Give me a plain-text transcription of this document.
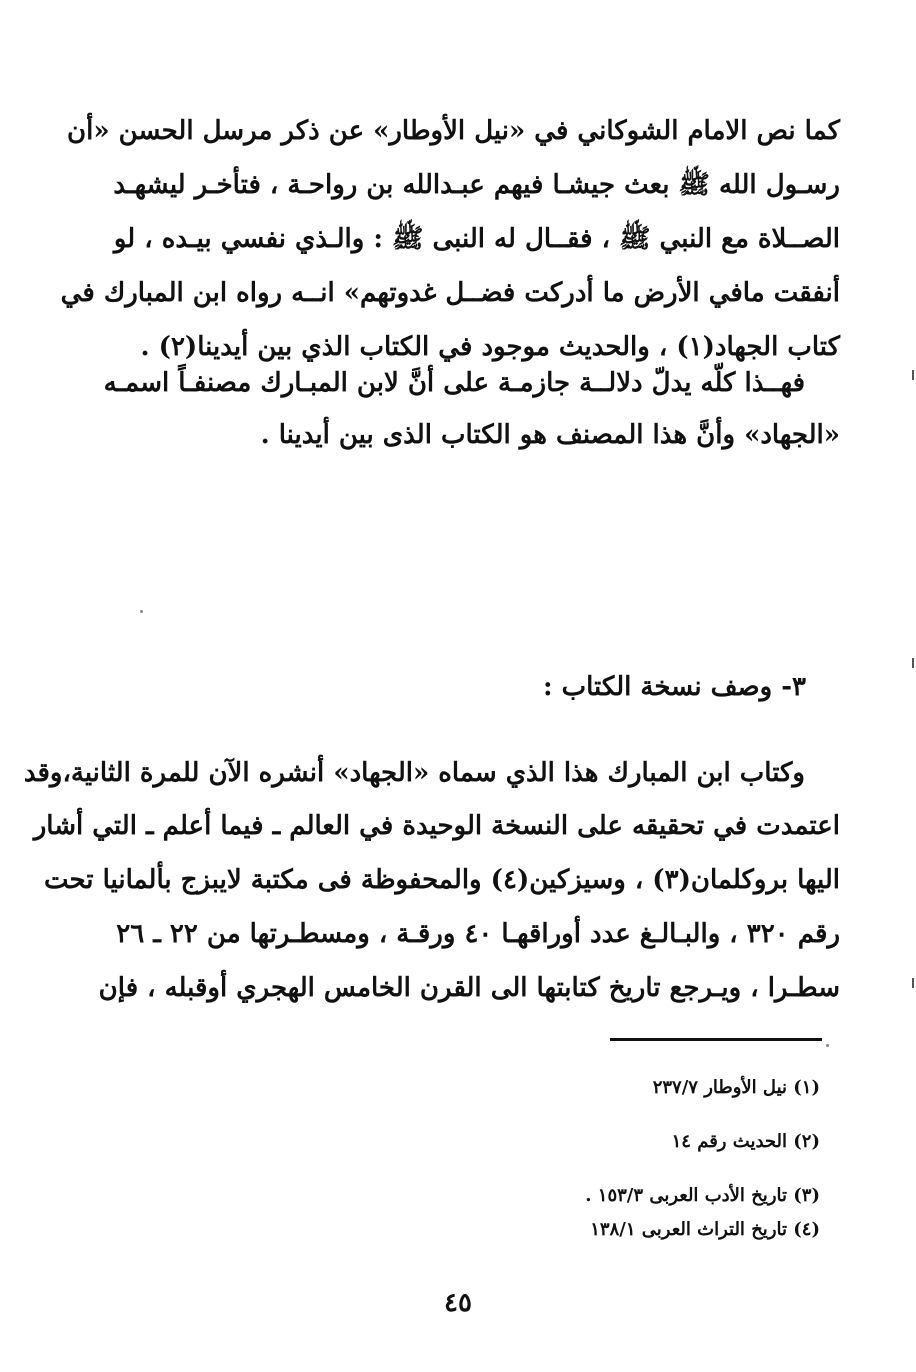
كما نص الامام الشوكاني في «نيل الأوطار» عن ذكر مرسل الحسن «أن
رسـول الله ﷺ بعث جيشـا فيهم عبـدالله بن رواحـة ، فتأخـر ليشهـد
الصــلاة مع النبي ﷺ ، فقــال له النبى ﷺ : والـذي نفسي بيـده ، لو
أنفقت مافي الأرض ما أدركت فضــل غدوتهم» انــه رواه ابن المبارك في
كتاب الجهاد(١) ، والحديث موجود في الكتاب الذي بين أيدينا(٢) .
فهــذا كلّه يدلّ دلالــة جازمـة على أنَّ لابن المبـارك مصنفـاً اسمـه
«الجهاد» وأنَّ هذا المصنف هو الكتاب الذى بين أيدينا .
٣- وصف نسخة الكتاب :
وكتاب ابن المبارك هذا الذي سماه «الجهاد» أنشره الآن للمرة الثانية،وقد
اعتمدت في تحقيقه على النسخة الوحيدة في العالم ـ فيما أعلم ـ التي أشار
اليها بروكلمان(٣) ، وسيزكين(٤) والمحفوظة فى مكتبة لايبزج بألمانيا تحت
رقم ٣٢٠ ، والبـالـغ عدد أوراقهـا ٤٠ ورقـة ، ومسطـرتها من ٢٢ ـ ٢٦
سطـرا ، ويـرجع تاريخ كتابتها الى القرن الخامس الهجري أوقبله ، فإن
(١) نيل الأوطار ٢٣٧/٧
(٢) الحديث رقم ١٤
(٣) تاريخ الأدب العربى ١٥٣/٣ .
(٤) تاريخ التراث العربى ١٣٨/١
٤٥
